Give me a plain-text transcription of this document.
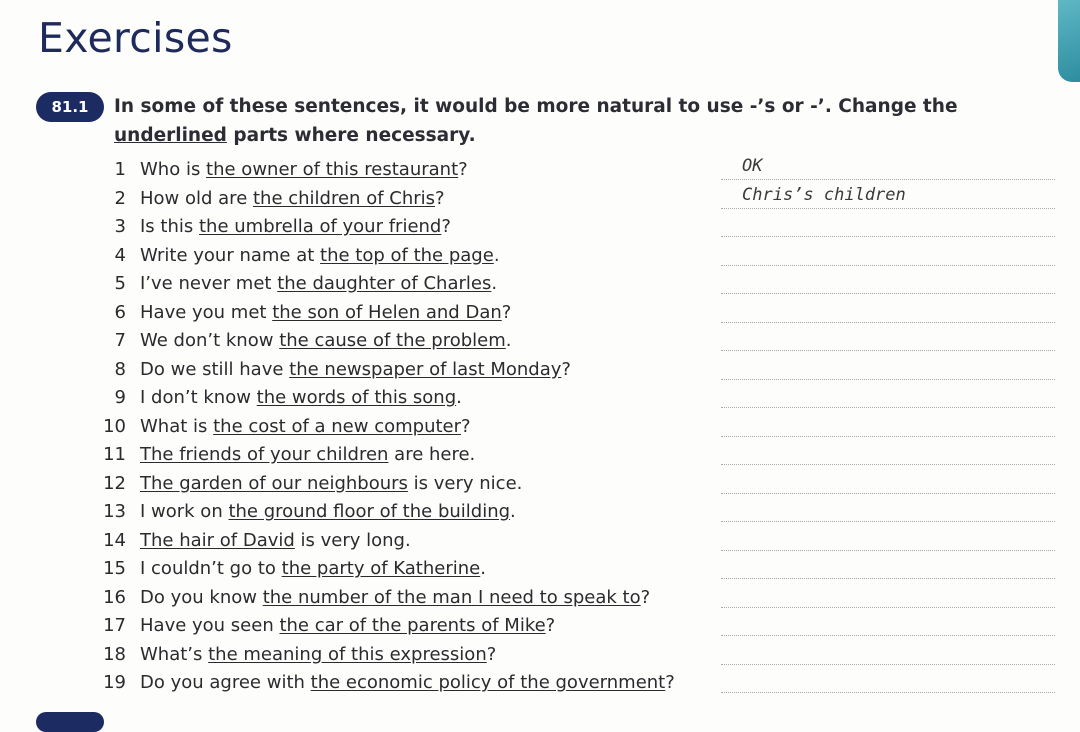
Exercises
81.1	In some of these sentences, it would be more natural to use -’s or -’. Change the underlined parts where necessary.
1 Who is the owner of this restaurant?	OK
2 How old are the children of Chris?	Chris’s children
3 Is this the umbrella of your friend?
4 Write your name at the top of the page.
5 I’ve never met the daughter of Charles.
6 Have you met the son of Helen and Dan?
7 We don’t know the cause of the problem.
8 Do we still have the newspaper of last Monday?
9 I don’t know the words of this song.
10 What is the cost of a new computer?
11 The friends of your children are here.
12 The garden of our neighbours is very nice.
13 I work on the ground floor of the building.
14 The hair of David is very long.
15 I couldn’t go to the party of Katherine.
16 Do you know the number of the man I need to speak to?
17 Have you seen the car of the parents of Mike?
18 What’s the meaning of this expression?
19 Do you agree with the economic policy of the government?
